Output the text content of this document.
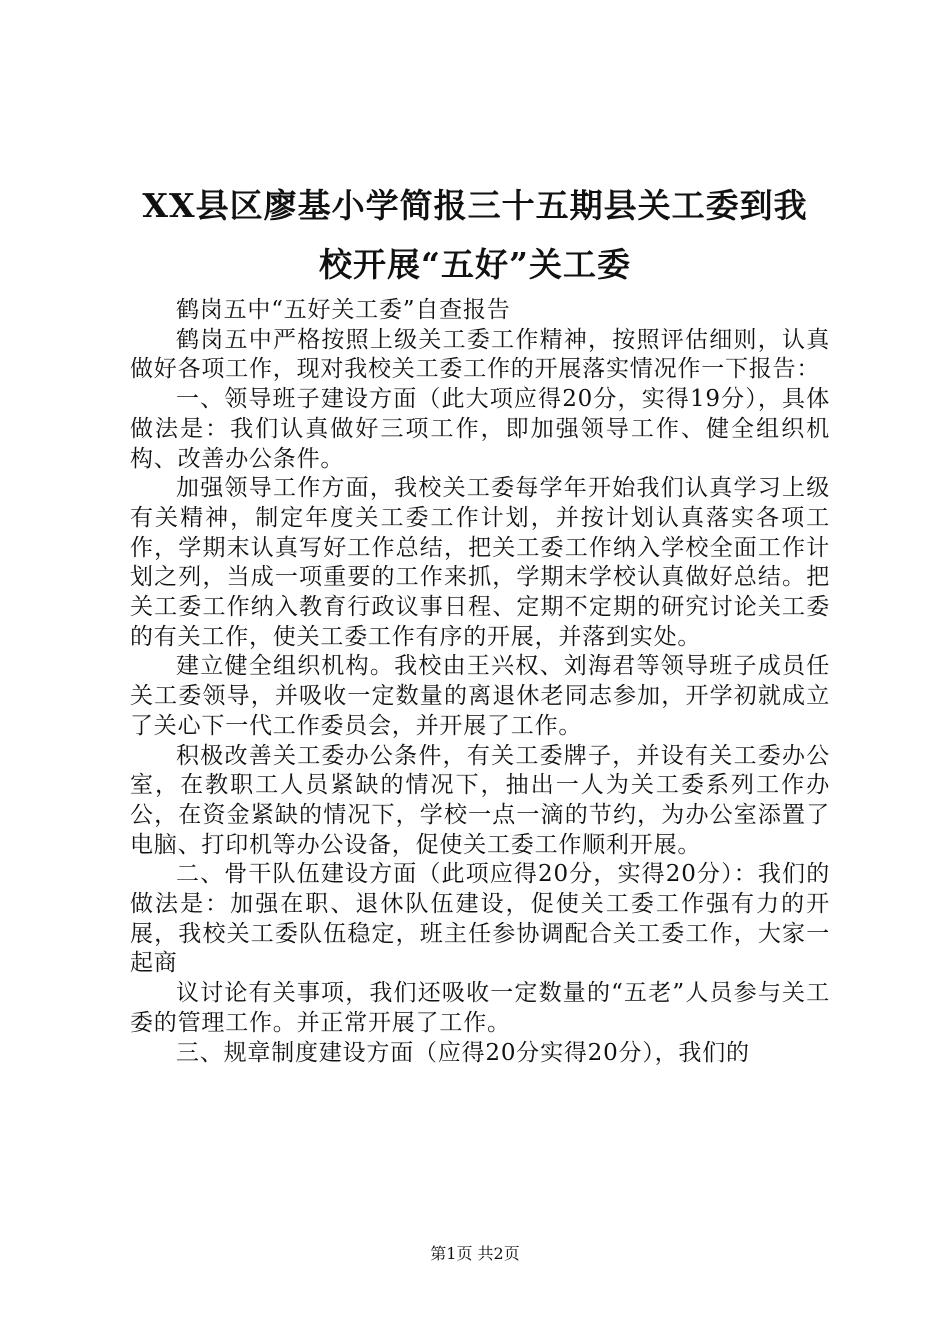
XX县区廖基小学简报三十五期县关工委到我
校开展“五好”关工委

鹤岗五中“五好关工委”自查报告

鹤岗五中严格按照上级关工委工作精神，按照评估细则，认真做好各项工作，现对我校关工委工作的开展落实情况作一下报告：

一、领导班子建设方面（此大项应得20分，实得19分），具体做法是：我们认真做好三项工作，即加强领导工作、健全组织机构、改善办公条件。

加强领导工作方面，我校关工委每学年开始我们认真学习上级有关精神，制定年度关工委工作计划，并按计划认真落实各项工作，学期末认真写好工作总结，把关工委工作纳入学校全面工作计划之列，当成一项重要的工作来抓，学期末学校认真做好总结。把关工委工作纳入教育行政议事日程、定期不定期的研究讨论关工委的有关工作，使关工委工作有序的开展，并落到实处。

建立健全组织机构。我校由王兴权、刘海君等领导班子成员任关工委领导，并吸收一定数量的离退休老同志参加，开学初就成立了关心下一代工作委员会，并开展了工作。

积极改善关工委办公条件，有关工委牌子，并设有关工委办公室，在教职工人员紧缺的情况下，抽出一人为关工委系列工作办公，在资金紧缺的情况下，学校一点一滴的节约，为办公室添置了电脑、打印机等办公设备，促使关工委工作顺利开展。

二、骨干队伍建设方面（此项应得20分，实得20分）：我们的做法是：加强在职、退休队伍建设，促使关工委工作强有力的开展，我校关工委队伍稳定，班主任参协调配合关工委工作，大家一起商

议讨论有关事项，我们还吸收一定数量的“五老”人员参与关工委的管理工作。并正常开展了工作。

三、规章制度建设方面（应得20分实得20分），我们的

第1页 共2页
